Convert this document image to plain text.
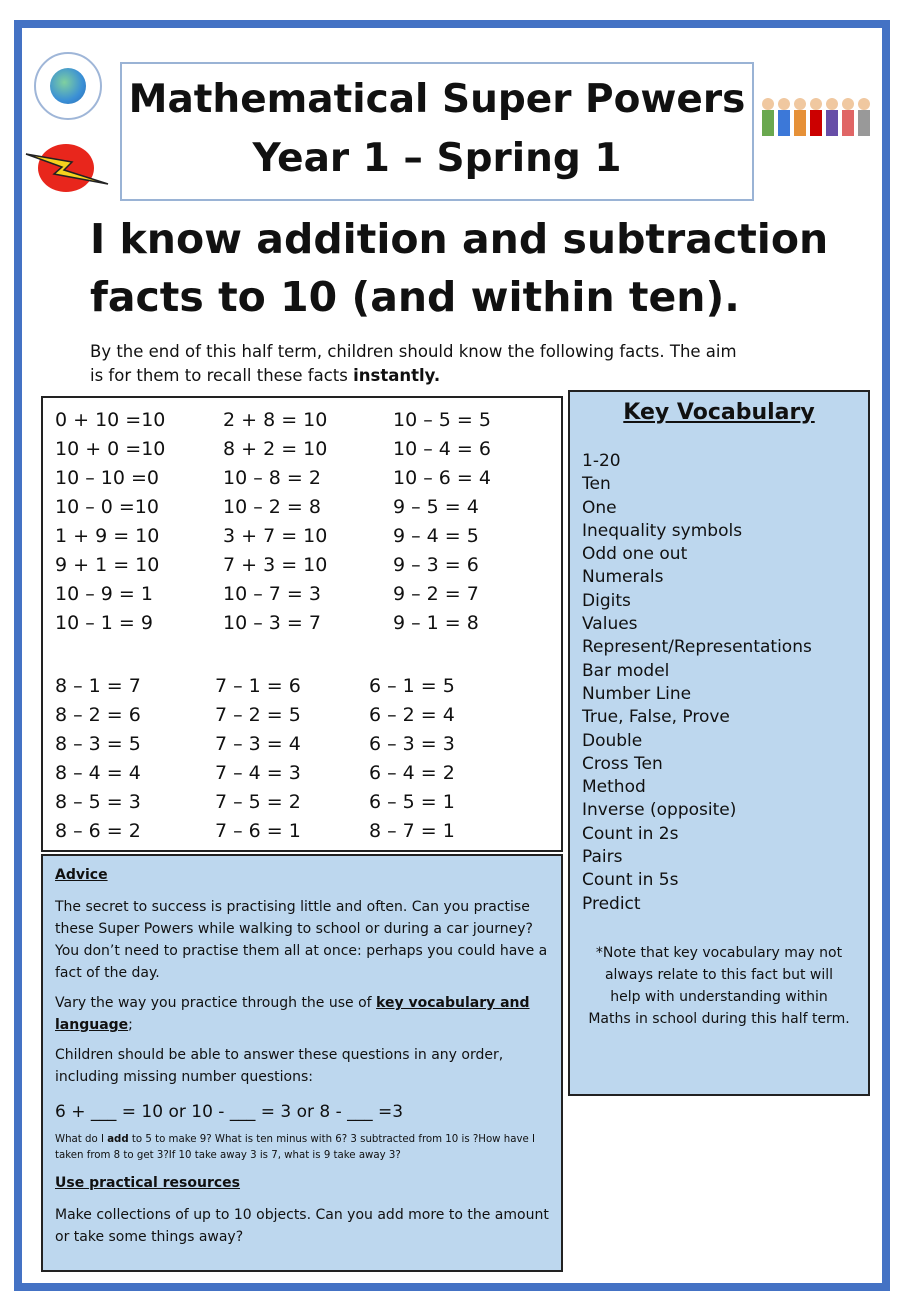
Mathematical Super Powers
Year 1 – Spring 1
I know addition and subtraction
facts to 10 (and within ten).
By the end of this half term, children should know the following facts. The aim
is for them to recall these facts instantly.
0 + 10 =10
10 + 0 =10
10 – 10 =0
10 – 0 =10
1 + 9 = 10
9 + 1 = 10
10 – 9 = 1
10 – 1 = 9
2 + 8 = 10
8 + 2 = 10
10 – 8 = 2
10 – 2 = 8
3 + 7 = 10
7 + 3 = 10
10 – 7 = 3
10 – 3 = 7
10 – 5 = 5
10 – 4 = 6
10 – 6 = 4
9 – 5 = 4
9 – 4 = 5
9 – 3 = 6
9 – 2 = 7
9 – 1 = 8
8 – 1 = 7
8 – 2 = 6
8 – 3 = 5
8 – 4 = 4
8 – 5 = 3
8 – 6 = 2
7 – 1 = 6
7 – 2 = 5
7 – 3 = 4
7 – 4 = 3
7 – 5 = 2
7 – 6 = 1
6 – 1 = 5
6 – 2 = 4
6 – 3 = 3
6 – 4 = 2
6 – 5 = 1
8 – 7 = 1
Key Vocabulary
1-20
Ten
One
Inequality symbols
Odd one out
Numerals
Digits
Values
Represent/Representations
Bar model
Number Line
True, False, Prove
Double
Cross Ten
Method
Inverse (opposite)
Count in 2s
Pairs
Count in 5s
Predict
*Note that key vocabulary may not always relate to this fact but will help with understanding within Maths in school during this half term.

Advice

The secret to success is practising little and often. Can you practise these Super Powers while walking to school or during a car journey? You don’t need to practise them all at once: perhaps you could have a fact of the day.

Vary the way you practice through the use of key vocabulary and language;

Children should be able to answer these questions in any order, including missing number questions:

6 + ___ = 10 or 10 - ___ = 3 or 8 - ___ =3

What do I add to 5 to make 9? What is ten minus with 6? 3 subtracted from 10 is ?How have I taken from 8 to get 3?If 10 take away 3 is 7, what is 9 take away 3?

Use practical resources

Make collections of up to 10 objects. Can you add more to the amount or take some things away?
